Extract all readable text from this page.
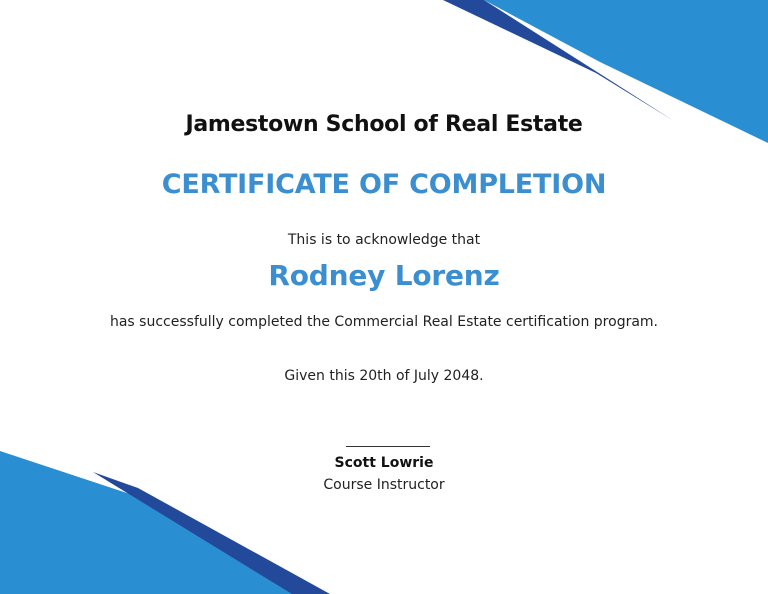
Jamestown School of Real Estate
CERTIFICATE OF COMPLETION
This is to acknowledge that
Rodney Lorenz
has successfully completed the Commercial Real Estate certification program.
Given this 20th of July 2048.
Scott Lowrie
Course Instructor
